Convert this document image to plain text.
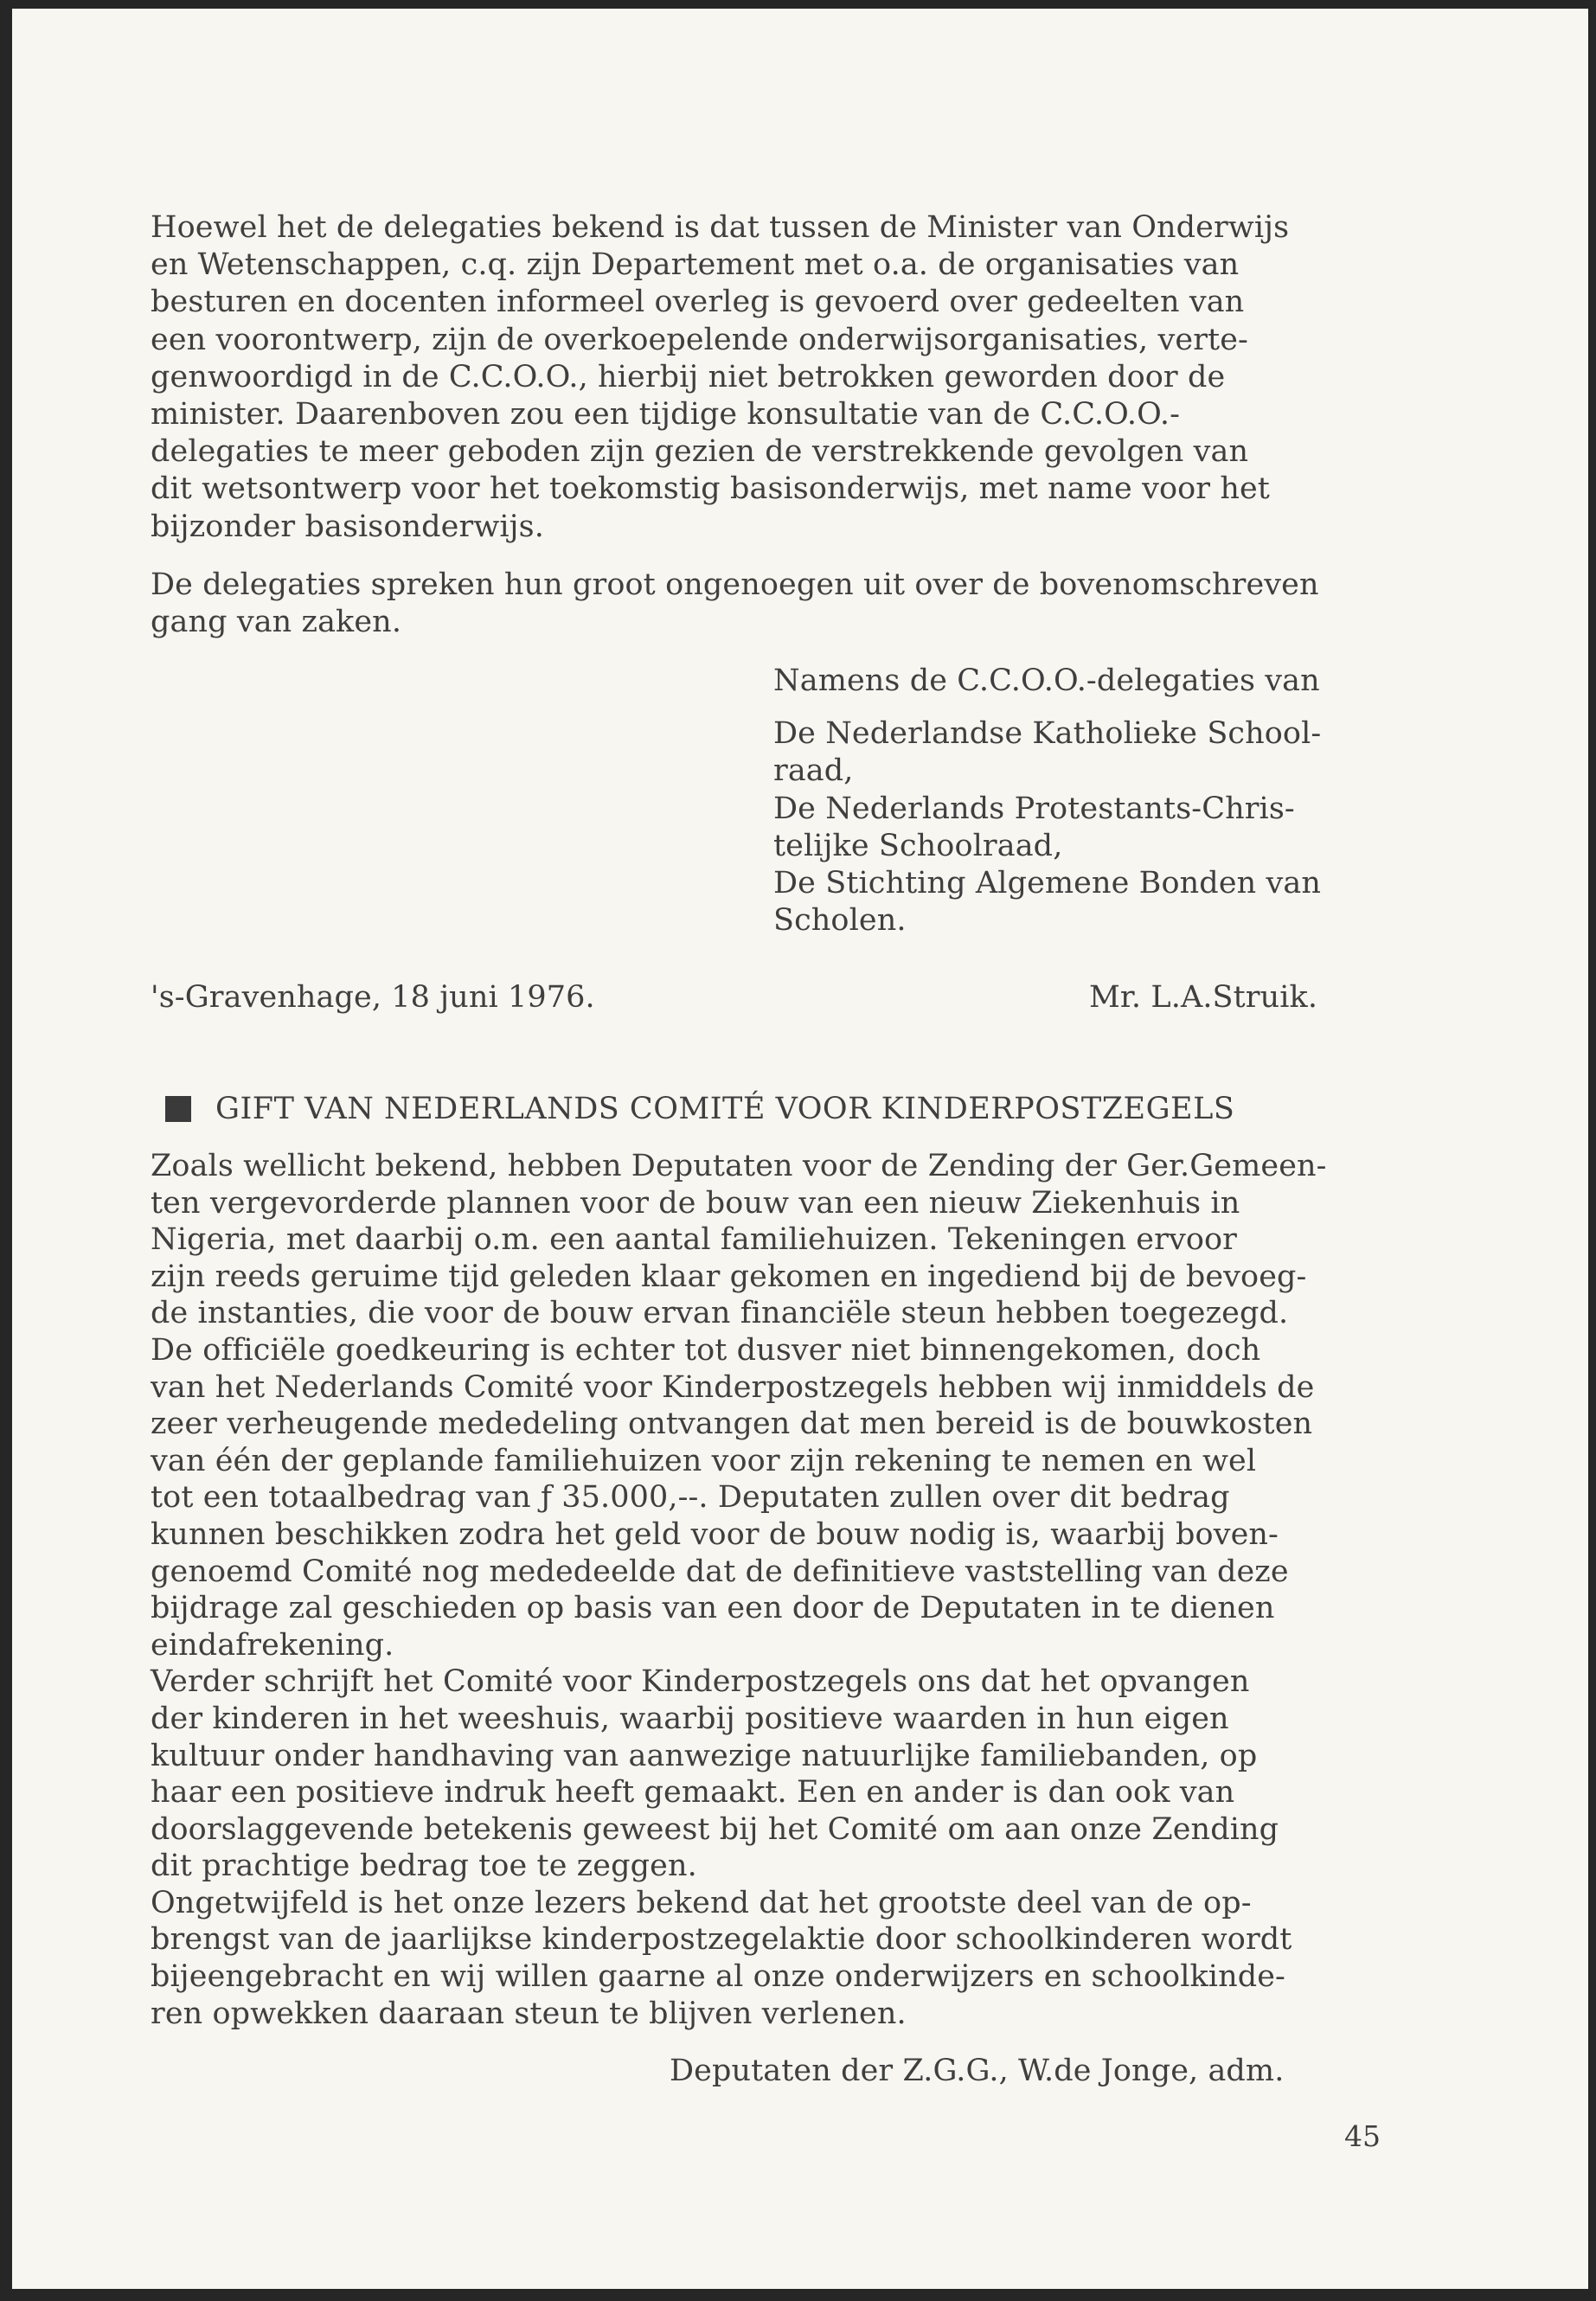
Hoewel het de delegaties bekend is dat tussen de Minister van Onderwijs
en Wetenschappen, c.q. zijn Departement met o.a. de organisaties van
besturen en docenten informeel overleg is gevoerd over gedeelten van
een voorontwerp, zijn de overkoepelende onderwijsorganisaties, verte-
genwoordigd in de C.C.O.O., hierbij niet betrokken geworden door de
minister. Daarenboven zou een tijdige konsultatie van de C.C.O.O.-
delegaties te meer geboden zijn gezien de verstrekkende gevolgen van
dit wetsontwerp voor het toekomstig basisonderwijs, met name voor het
bijzonder basisonderwijs.
De delegaties spreken hun groot ongenoegen uit over de bovenomschreven
gang van zaken.
Namens de C.C.O.O.-delegaties van
De Nederlandse Katholieke School-
raad,
De Nederlands Protestants-Chris-
telijke Schoolraad,
De Stichting Algemene Bonden van
Scholen.
's-Gravenhage, 18 juni 1976.	Mr. L.A.Struik.
GIFT VAN NEDERLANDS COMITÉ VOOR KINDERPOSTZEGELS
Zoals wellicht bekend, hebben Deputaten voor de Zending der Ger.Gemeen-
ten vergevorderde plannen voor de bouw van een nieuw Ziekenhuis in
Nigeria, met daarbij o.m. een aantal familiehuizen. Tekeningen ervoor
zijn reeds geruime tijd geleden klaar gekomen en ingediend bij de bevoeg-
de instanties, die voor de bouw ervan financiële steun hebben toegezegd.
De officiële goedkeuring is echter tot dusver niet binnengekomen, doch
van het Nederlands Comité voor Kinderpostzegels hebben wij inmiddels de
zeer verheugende mededeling ontvangen dat men bereid is de bouwkosten
van één der geplande familiehuizen voor zijn rekening te nemen en wel
tot een totaalbedrag van ƒ 35.000,--. Deputaten zullen over dit bedrag
kunnen beschikken zodra het geld voor de bouw nodig is, waarbij boven-
genoemd Comité nog mededeelde dat de definitieve vaststelling van deze
bijdrage zal geschieden op basis van een door de Deputaten in te dienen
eindafrekening.
Verder schrijft het Comité voor Kinderpostzegels ons dat het opvangen
der kinderen in het weeshuis, waarbij positieve waarden in hun eigen
kultuur onder handhaving van aanwezige natuurlijke familiebanden, op
haar een positieve indruk heeft gemaakt. Een en ander is dan ook van
doorslaggevende betekenis geweest bij het Comité om aan onze Zending
dit prachtige bedrag toe te zeggen.
Ongetwijfeld is het onze lezers bekend dat het grootste deel van de op-
brengst van de jaarlijkse kinderpostzegelaktie door schoolkinderen wordt
bijeengebracht en wij willen gaarne al onze onderwijzers en schoolkinde-
ren opwekken daaraan steun te blijven verlenen.
Deputaten der Z.G.G., W.de Jonge, adm.
45
